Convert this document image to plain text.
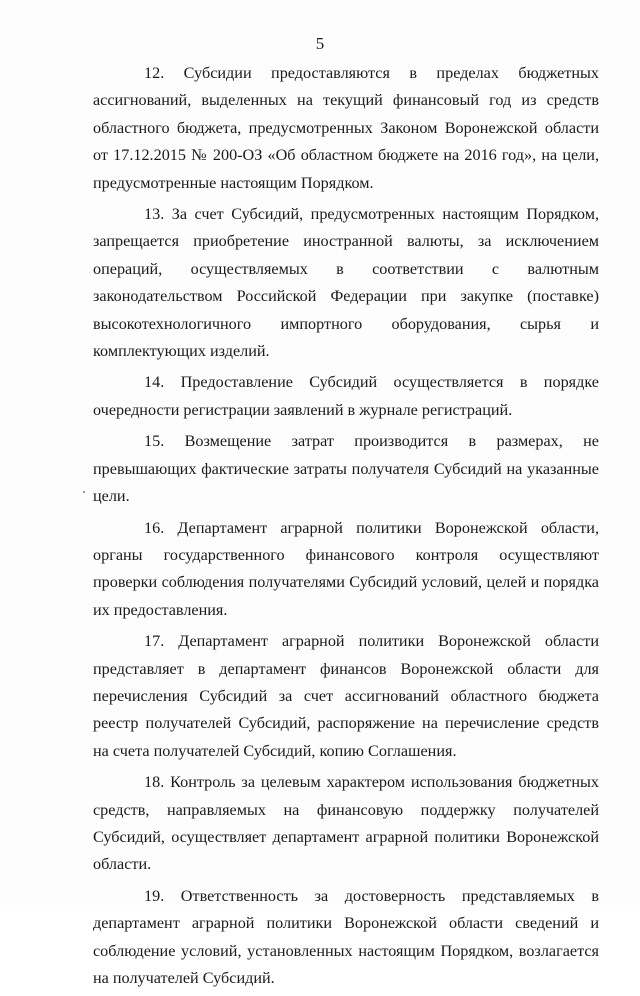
5

12. Субсидии предоставляются в пределах бюджетных ассигнований, выделенных на текущий финансовый год из средств областного бюджета, предусмотренных Законом Воронежской области от 17.12.2015 № 200-ОЗ «Об областном бюджете на 2016 год», на цели, предусмотренные настоящим Порядком.

13. За счет Субсидий, предусмотренных настоящим Порядком, запрещается приобретение иностранной валюты, за исключением операций, осуществляемых в соответствии с валютным законодательством Российской Федерации при закупке (поставке) высокотехнологичного импортного оборудования, сырья и комплектующих изделий.

14. Предоставление Субсидий осуществляется в порядке очередности регистрации заявлений в журнале регистраций.

15. Возмещение затрат производится в размерах, не превышающих фактические затраты получателя Субсидий на указанные цели.

16. Департамент аграрной политики Воронежской области, органы государственного финансового контроля осуществляют проверки соблюдения получателями Субсидий условий, целей и порядка их предоставления.

17. Департамент аграрной политики Воронежской области представляет в департамент финансов Воронежской области для перечисления Субсидий за счет ассигнований областного бюджета реестр получателей Субсидий, распоряжение на перечисление средств на счета получателей Субсидий, копию Соглашения.

18. Контроль за целевым характером использования бюджетных средств, направляемых на финансовую поддержку получателей Субсидий, осуществляет департамент аграрной политики Воронежской области.

19. Ответственность за достоверность представляемых в департамент аграрной политики Воронежской области сведений и соблюдение условий, установленных настоящим Порядком, возлагается на получателей Субсидий.
